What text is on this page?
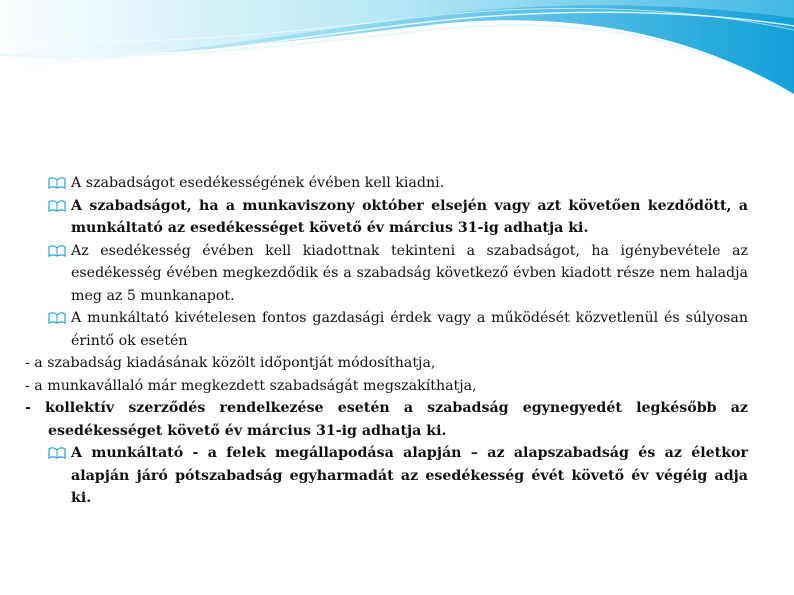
A szabadságot esedékességének évében kell kiadni.
A szabadságot, ha a munkaviszony október elsején vagy azt követően kezdődött, a munkáltató az esedékességet követő év március 31-ig adhatja ki.
Az esedékesség évében kell kiadottnak tekinteni a szabadságot, ha igénybevétele az esedékesség évében megkezdődik és a szabadság következő évben kiadott része nem haladja meg az 5 munkanapot.
A munkáltató kivételesen fontos gazdasági érdek vagy a működését közvetlenül és súlyosan érintő ok esetén
- a szabadság kiadásának közölt időpontját módosíthatja,
- a munkavállaló már megkezdett szabadságát megszakíthatja,
- kollektív szerződés rendelkezése esetén a szabadság egynegyedét legkésőbb az esedékességet követő év március 31-ig adhatja ki.
A munkáltató - a felek megállapodása alapján – az alapszabadság és az életkor alapján járó pótszabadság egyharmadát az esedékesség évét követő év végéig adja ki.
